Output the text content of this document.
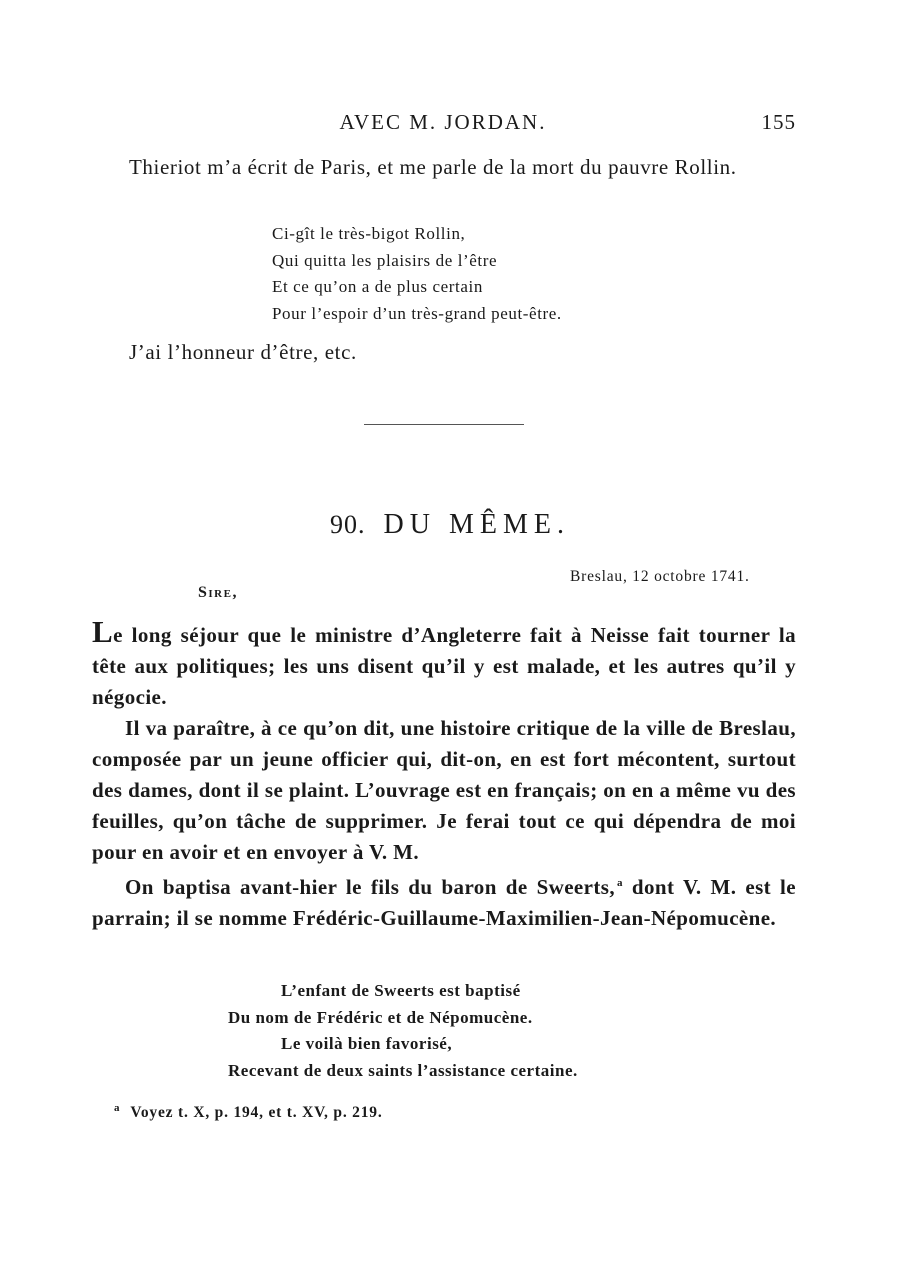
AVEC M. JORDAN.	155

Thieriot m’a écrit de Paris, et me parle de la mort du pauvre Rollin.

Ci-gît le très-bigot Rollin,
Qui quitta les plaisirs de l’être
Et ce qu’on a de plus certain
Pour l’espoir d’un très-grand peut-être.
J’ai l’honneur d’être, etc.
90. DU MÊME.
Breslau, 12 octobre 1741.
Sire,

Le long séjour que le ministre d’Angleterre fait à Neisse fait tourner la tête aux politiques; les uns disent qu’il y est malade, et les autres qu’il y négocie.

Il va paraître, à ce qu’on dit, une histoire critique de la ville de Breslau, composée par un jeune officier qui, dit-on, en est fort mécontent, surtout des dames, dont il se plaint. L’ouvrage est en français; on en a même vu des feuilles, qu’on tâche de supprimer. Je ferai tout ce qui dépendra de moi pour en avoir et en envoyer à V. M.

On baptisa avant-hier le fils du baron de Sweerts, $^a$ dont V. M. est le parrain; il se nomme Frédéric-Guillaume-Maximilien-Jean-Népomucène.

L’enfant de Sweerts est baptisé
Du nom de Frédéric et de Népomucène.
Le voilà bien favorisé,
Recevant de deux saints l’assistance certaine.
$^a$ Voyez t. X, p. 194, et t. XV, p. 219.
